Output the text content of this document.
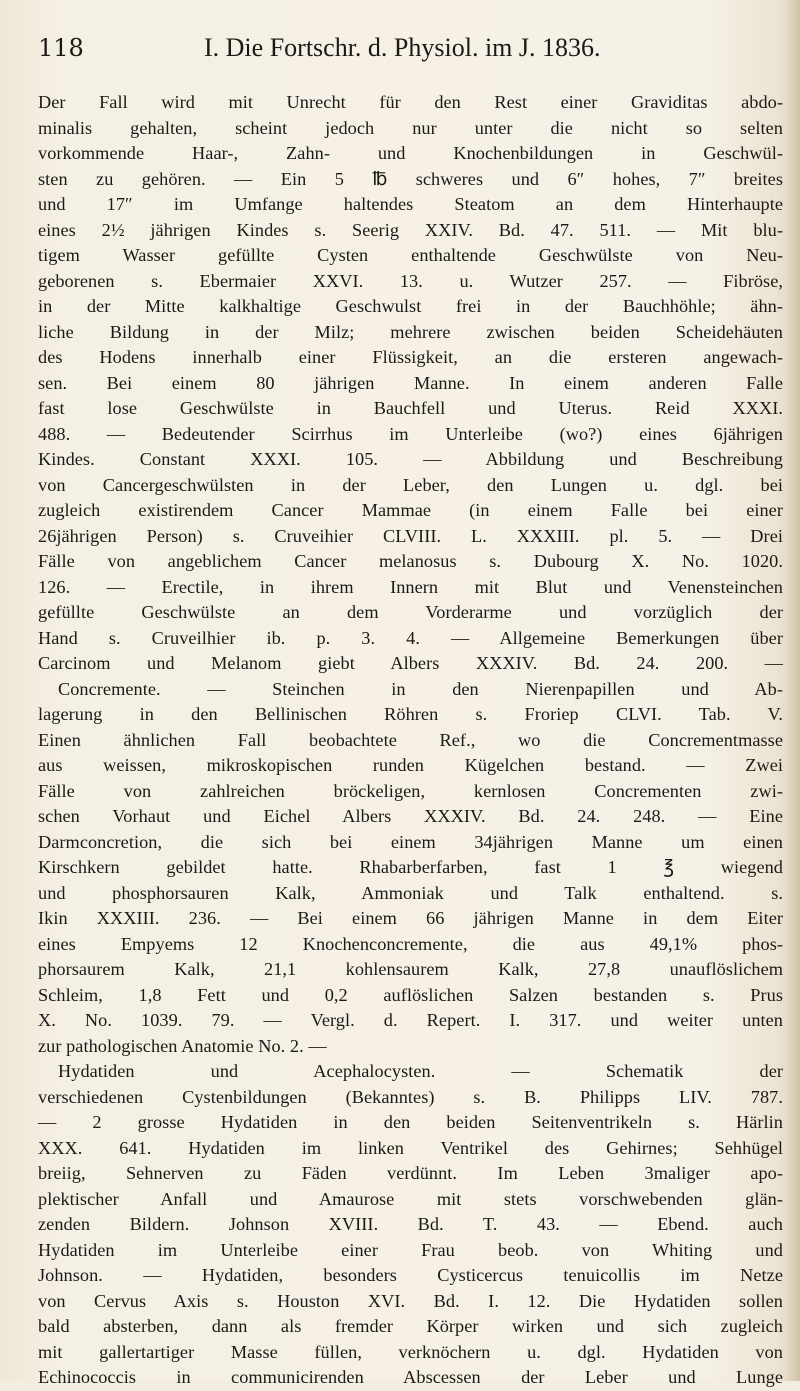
118	I. Die Fortschr. d. Physiol. im J. 1836.
Der Fall wird mit Unrecht für den Rest einer Graviditas abdo-
minalis gehalten, scheint jedoch nur unter die nicht so selten
vorkommende Haar-, Zahn- und Knochenbildungen in Geschwül-
sten zu gehören. — Ein 5 ℔ schweres und 6″ hohes, 7″ breites
und 17″ im Umfange haltendes Steatom an dem Hinterhaupte
eines 2½ jährigen Kindes s. Seerig XXIV. Bd. 47. 511. — Mit blu-
tigem Wasser gefüllte Cysten enthaltende Geschwülste von Neu-
geborenen s. Ebermaier XXVI. 13. u. Wutzer 257. — Fibröse,
in der Mitte kalkhaltige Geschwulst frei in der Bauchhöhle; ähn-
liche Bildung in der Milz; mehrere zwischen beiden Scheidehäuten
des Hodens innerhalb einer Flüssigkeit, an die ersteren angewach-
sen. Bei einem 80 jährigen Manne. In einem anderen Falle
fast lose Geschwülste in Bauchfell und Uterus. Reid XXXI.
488. — Bedeutender Scirrhus im Unterleibe (wo?) eines 6jährigen
Kindes. Constant XXXI. 105. — Abbildung und Beschreibung
von Cancergeschwülsten in der Leber, den Lungen u. dgl. bei
zugleich existirendem Cancer Mammae (in einem Falle bei einer
26jährigen Person) s. Cruveihier CLVIII. L. XXXIII. pl. 5. — Drei
Fälle von angeblichem Cancer melanosus s. Dubourg X. No. 1020.
126. — Erectile, in ihrem Innern mit Blut und Venensteinchen
gefüllte Geschwülste an dem Vorderarme und vorzüglich der
Hand s. Cruveilhier ib. p. 3. 4. — Allgemeine Bemerkungen über
Carcinom und Melanom giebt Albers XXXIV. Bd. 24. 200. —
Concremente. — Steinchen in den Nierenpapillen und Ab-
lagerung in den Bellinischen Röhren s. Froriep CLVI. Tab. V.
Einen ähnlichen Fall beobachtete Ref., wo die Concrementmasse
aus weissen, mikroskopischen runden Kügelchen bestand. — Zwei
Fälle von zahlreichen bröckeligen, kernlosen Concrementen zwi-
schen Vorhaut und Eichel Albers XXXIV. Bd. 24. 248. — Eine
Darmconcretion, die sich bei einem 34jährigen Manne um einen
Kirschkern gebildet hatte. Rhabarberfarben, fast 1 ℥ wiegend
und phosphorsauren Kalk, Ammoniak und Talk enthaltend. s.
Ikin XXXIII. 236. — Bei einem 66 jährigen Manne in dem Eiter
eines Empyems 12 Knochenconcremente, die aus 49,1% phos-
phorsaurem Kalk, 21,1 kohlensaurem Kalk, 27,8 unauflöslichem
Schleim, 1,8 Fett und 0,2 auflöslichen Salzen bestanden s. Prus
X. No. 1039. 79. — Vergl. d. Repert. I. 317. und weiter unten
zur pathologischen Anatomie No. 2. —
Hydatiden und Acephalocysten. — Schematik der
verschiedenen Cystenbildungen (Bekanntes) s. B. Philipps LIV. 787.
— 2 grosse Hydatiden in den beiden Seitenventrikeln s. Härlin
XXX. 641. Hydatiden im linken Ventrikel des Gehirnes; Sehhügel
breiig, Sehnerven zu Fäden verdünnt. Im Leben 3maliger apo-
plektischer Anfall und Amaurose mit stets vorschwebenden glän-
zenden Bildern. Johnson XVIII. Bd. T. 43. — Ebend. auch
Hydatiden im Unterleibe einer Frau beob. von Whiting und
Johnson. — Hydatiden, besonders Cysticercus tenuicollis im Netze
von Cervus Axis s. Houston XVI. Bd. I. 12. Die Hydatiden sollen
bald absterben, dann als fremder Körper wirken und sich zugleich
mit gallertartiger Masse füllen, verknöchern u. dgl. Hydatiden von
Echinococcis in communicirenden Abscessen der Leber und Lunge
